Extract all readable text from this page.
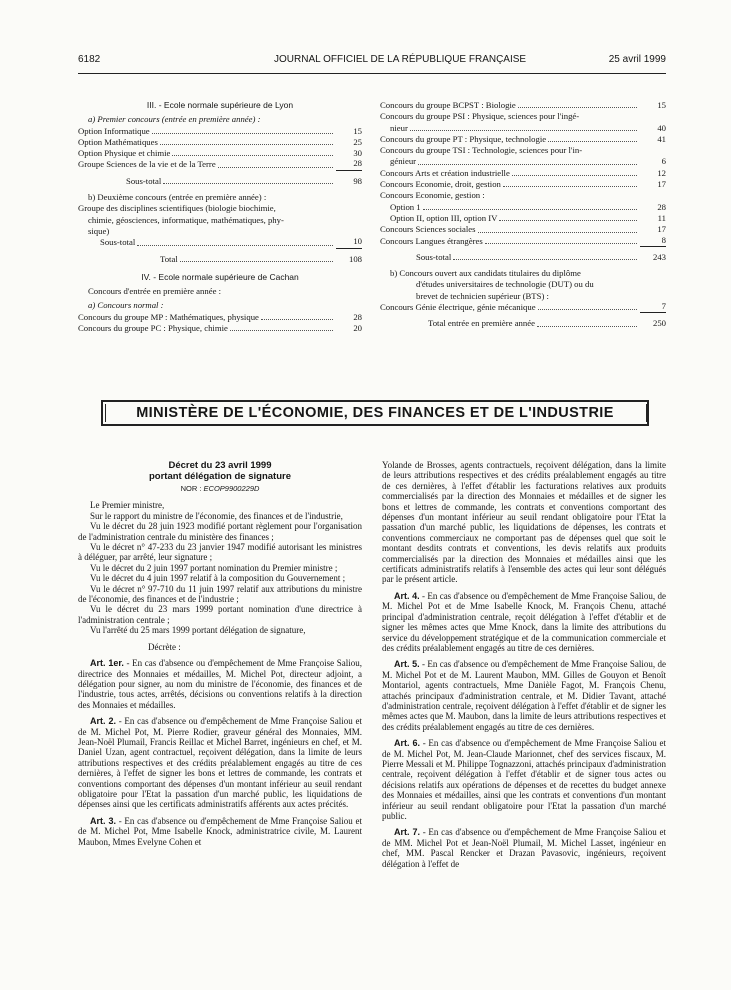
6182	JOURNAL OFFICIEL DE LA RÉPUBLIQUE FRANÇAISE	25 avril 1999
III. - Ecole normale supérieure de Lyon
a) Premier concours (entrée en première année) :
Option Informatique	15
Option Mathématiques	25
Option Physique et chimie	30
Groupe Sciences de la vie et de la Terre	28
Sous-total	98
b) Deuxième concours (entrée en première année) :
Groupe des disciplines scientifiques (biologie biochimie,
chimie, géosciences, informatique, mathématiques, phy-
sique)
Sous-total	10
Total	108
IV. - Ecole normale supérieure de Cachan
Concours d'entrée en première année :
a) Concours normal :
Concours du groupe MP : Mathématiques, physique	28
Concours du groupe PC : Physique, chimie	20
Concours du groupe BCPST : Biologie	15
Concours du groupe PSI : Physique, sciences pour l'ingé-
nieur	40
Concours du groupe PT : Physique, technologie	41
Concours du groupe TSI : Technologie, sciences pour l'in-
génieur	6
Concours Arts et création industrielle	12
Concours Economie, droit, gestion	17
Concours Economie, gestion :
Option 1	28
Option II, option III, option IV	11
Concours Sciences sociales	17
Concours Langues étrangères	8
Sous-total	243
b) Concours ouvert aux candidats titulaires du diplôme
d'études universitaires de technologie (DUT) ou du
brevet de technicien supérieur (BTS) :
Concours Génie électrique, génie mécanique	7
Total entrée en première année	250
MINISTÈRE DE L'ÉCONOMIE, DES FINANCES ET DE L'INDUSTRIE
Décret du 23 avril 1999
portant délégation de signature
NOR : ECOP9900229D

Le Premier ministre,

Sur le rapport du ministre de l'économie, des finances et de l'industrie,

Vu le décret du 28 juin 1923 modifié portant règlement pour l'organisation de l'administration centrale du ministère des finances ;

Vu le décret n° 47-233 du 23 janvier 1947 modifié autorisant les ministres à déléguer, par arrêté, leur signature ;

Vu le décret du 2 juin 1997 portant nomination du Premier ministre ;

Vu le décret du 4 juin 1997 relatif à la composition du Gouvernement ;

Vu le décret n° 97-710 du 11 juin 1997 relatif aux attributions du ministre de l'économie, des finances et de l'industrie ;

Vu le décret du 23 mars 1999 portant nomination d'une directrice à l'administration centrale ;

Vu l'arrêté du 25 mars 1999 portant délégation de signature,

Décrète :

Art. 1er. - En cas d'absence ou d'empêchement de Mme Françoise Saliou, directrice des Monnaies et médailles, M. Michel Pot, directeur adjoint, a délégation pour signer, au nom du ministre de l'économie, des finances et de l'industrie, tous actes, arrêtés, décisions ou conventions relatifs à la direction des Monnaies et médailles.

Art. 2. - En cas d'absence ou d'empêchement de Mme Françoise Saliou et de M. Michel Pot, M. Pierre Rodier, graveur général des Monnaies, MM. Jean-Noël Plumail, Francis Reillac et Michel Barret, ingénieurs en chef, et M. Daniel Uzan, agent contractuel, reçoivent délégation, dans la limite de leurs attributions respectives et des crédits préalablement engagés au titre de ces dernières, à l'effet de signer les bons et lettres de commande, les contrats et conventions comportant des dépenses d'un montant inférieur au seuil rendant obligatoire pour l'Etat la passation d'un marché public, les liquidations de dépenses ainsi que les certificats administratifs afférents aux actes précités.

Art. 3. - En cas d'absence ou d'empêchement de Mme Françoise Saliou et de M. Michel Pot, Mme Isabelle Knock, administratrice civile, M. Laurent Maubon, Mmes Evelyne Cohen et

Yolande de Brosses, agents contractuels, reçoivent délégation, dans la limite de leurs attributions respectives et des crédits préalablement engagés au titre de ces dernières, à l'effet d'établir les facturations relatives aux produits commercialisés par la direction des Monnaies et médailles et de signer les bons et lettres de commande, les contrats et conventions comportant des dépenses d'un montant inférieur au seuil rendant obligatoire pour l'Etat la passation d'un marché public, les liquidations de dépenses, les contrats et conventions commerciaux ne comportant pas de dépenses quel que soit le montant desdits contrats et conventions, les devis relatifs aux produits commercialisés par la direction des Monnaies et médailles ainsi que les certificats administratifs relatifs à l'ensemble des actes qui leur sont délégués par le présent article.

Art. 4. - En cas d'absence ou d'empêchement de Mme Françoise Saliou, de M. Michel Pot et de Mme Isabelle Knock, M. François Chenu, attaché principal d'administration centrale, reçoit délégation à l'effet d'établir et de signer les mêmes actes que Mme Knock, dans la limite des attributions du service du développement stratégique et de la communication commerciale et des crédits préalablement engagés au titre de ces dernières.

Art. 5. - En cas d'absence ou d'empêchement de Mme Françoise Saliou, de M. Michel Pot et de M. Laurent Maubon, MM. Gilles de Gouyon et Benoît Montariol, agents contractuels, Mme Danièle Fagot, M. François Chenu, attachés principaux d'administration centrale, et M. Didier Tavant, attaché d'administration centrale, reçoivent délégation à l'effet d'établir et de signer les mêmes actes que M. Maubon, dans la limite de leurs attributions respectives et des crédits préalablement engagés au titre de ces dernières.

Art. 6. - En cas d'absence ou d'empêchement de Mme Françoise Saliou et de M. Michel Pot, M. Jean-Claude Marionnet, chef des services fiscaux, M. Pierre Messali et M. Philippe Tognazzoni, attachés principaux d'administration centrale, reçoivent délégation à l'effet d'établir et de signer tous actes ou décisions relatifs aux opérations de dépenses et de recettes du budget annexe des Monnaies et médailles, ainsi que les contrats et conventions d'un montant inférieur au seuil rendant obligatoire pour l'Etat la passation d'un marché public.

Art. 7. - En cas d'absence ou d'empêchement de Mme Françoise Saliou et de MM. Michel Pot et Jean-Noël Plumail, M. Michel Lasset, ingénieur en chef, MM. Pascal Rencker et Drazan Pavasovic, ingénieurs, reçoivent délégation à l'effet de
